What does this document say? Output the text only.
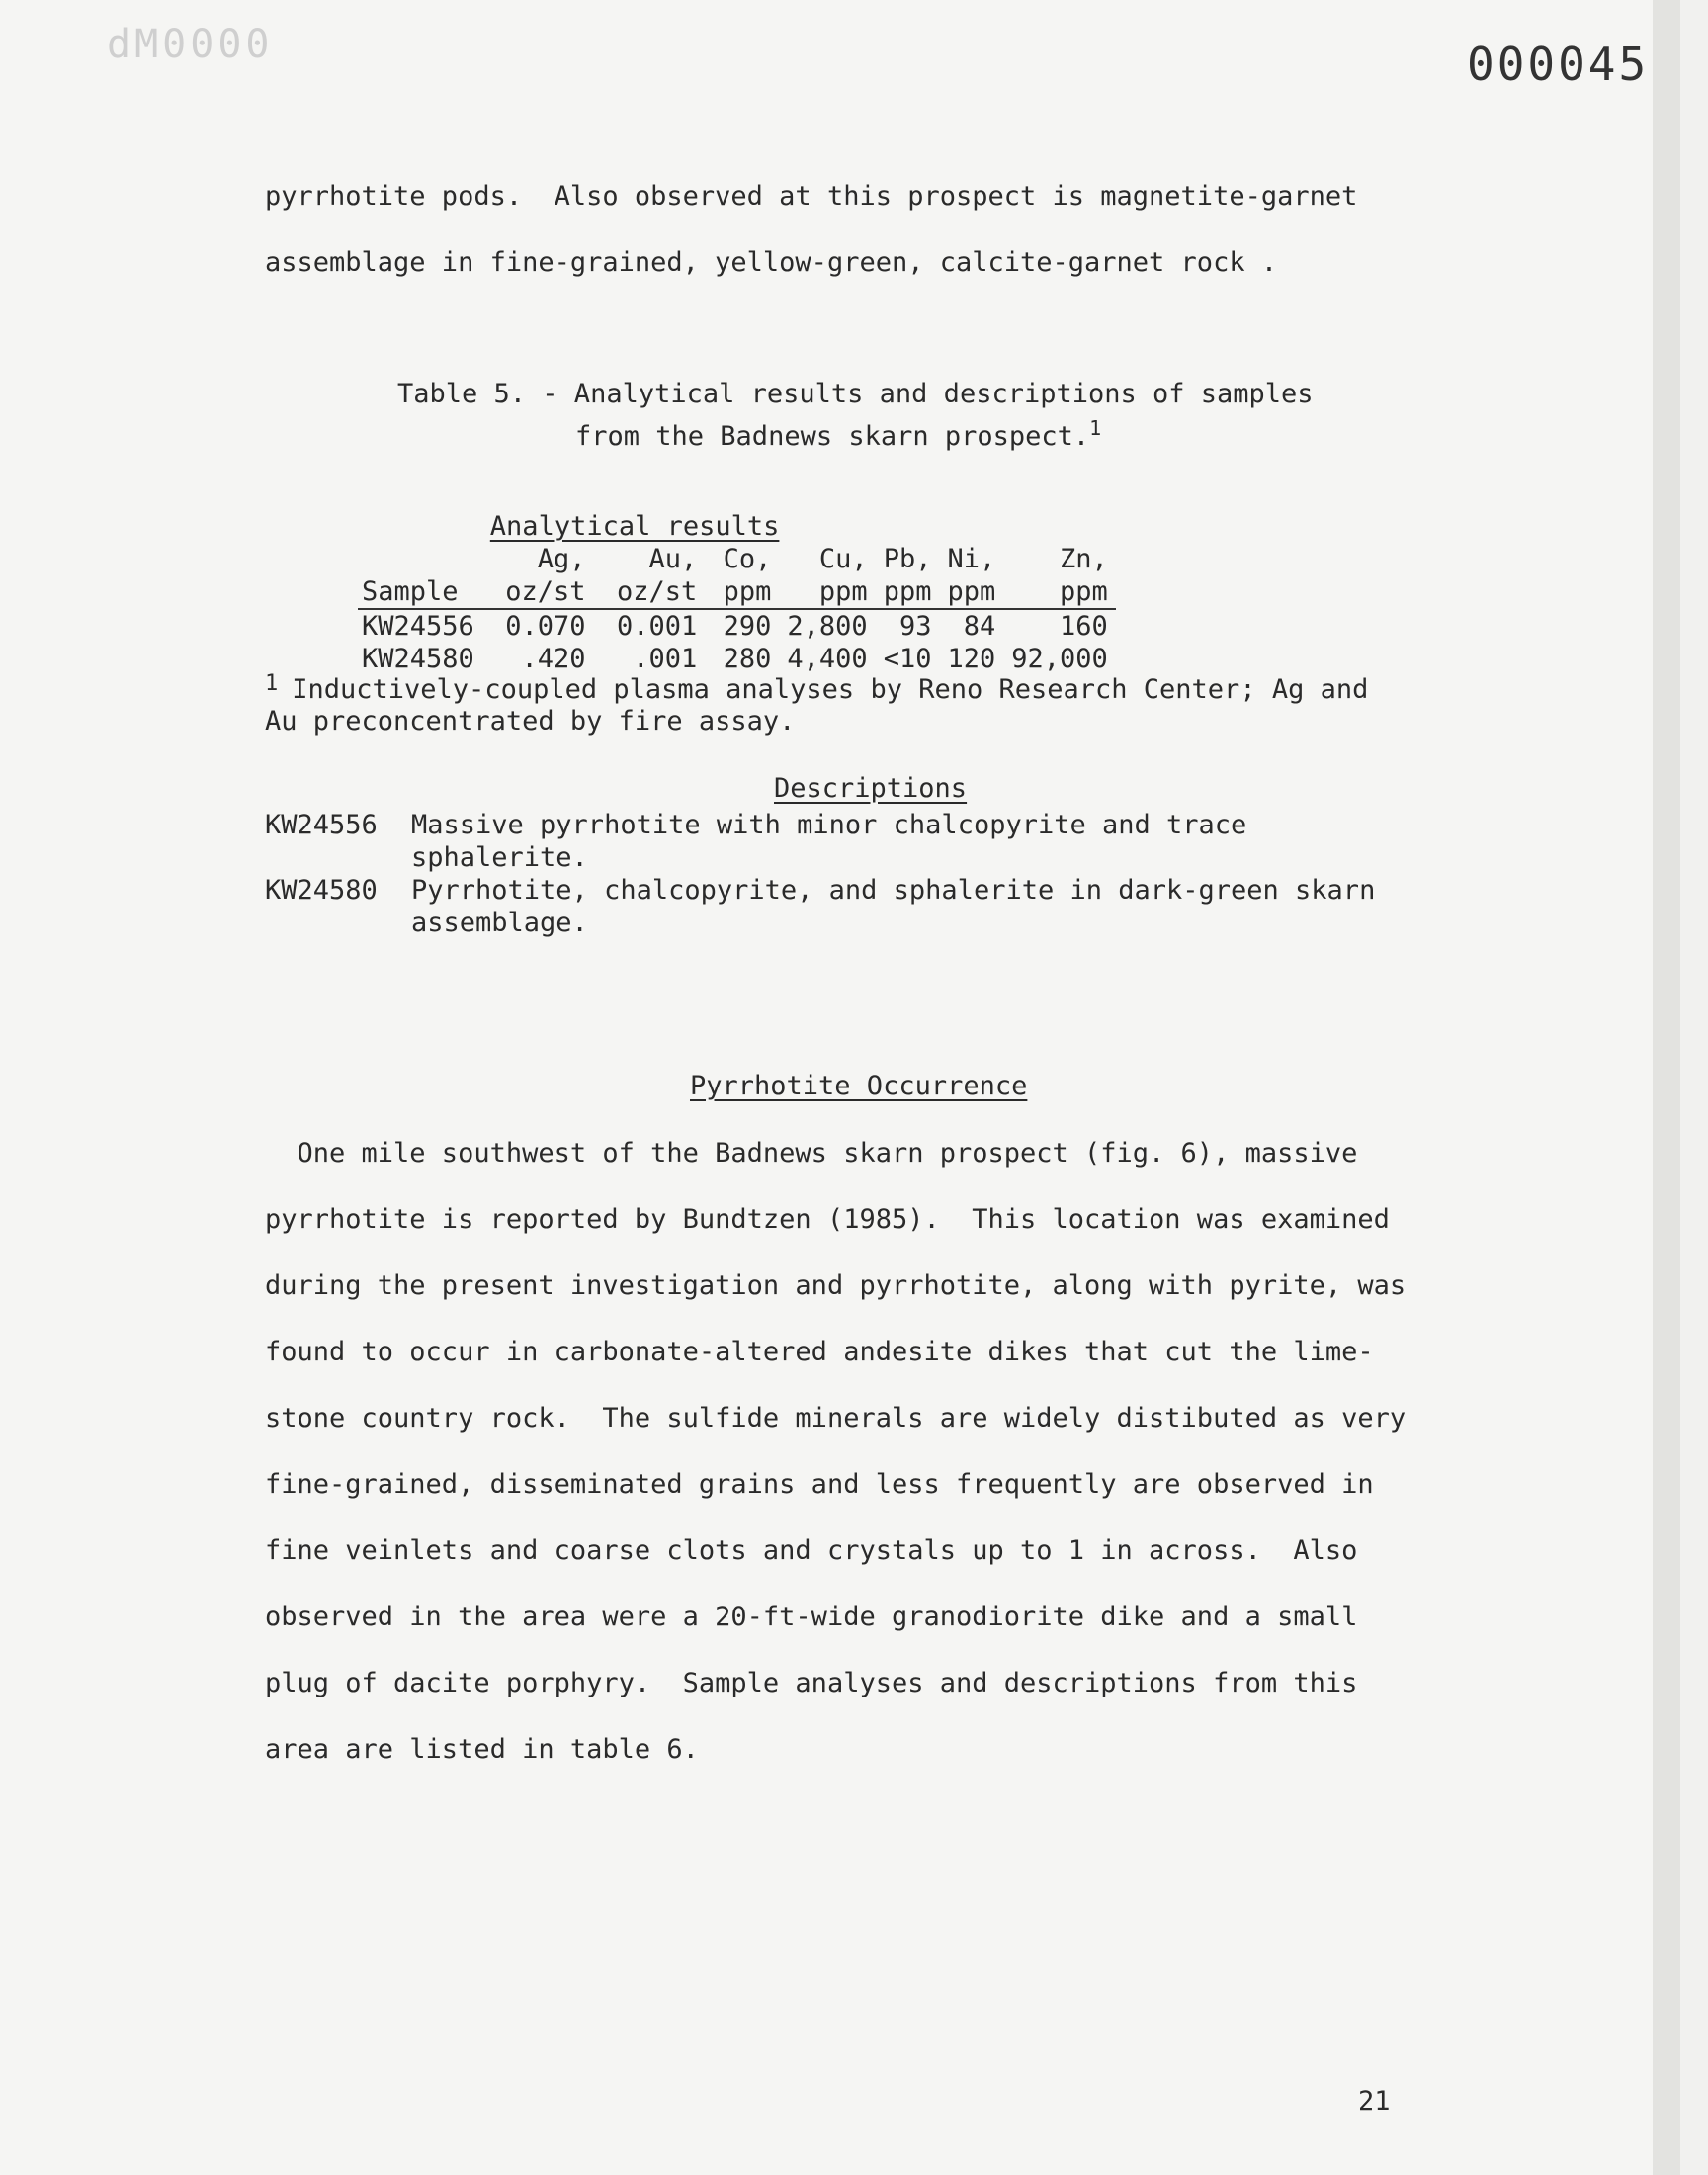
dM0000	000045

pyrrhotite pods.  Also observed at this prospect is magnetite-garnet

assemblage in fine-grained, yellow-green, calcite-garnet rock .

Table 5. - Analytical results and descriptions of samples
from the Badnews skarn prospect.$^1$
	Analytical results						
	Ag,	Au,	Co,	Cu,	Pb,	Ni,	Zn,
Sample	oz/st	oz/st	ppm	ppm	ppm	ppm	ppm
KW24556	0.070	0.001	290	2,800	93	84	160
KW24580	.420	.001	280	4,400	<10	120	92,000
$^1$ Inductively-coupled plasma analyses by Reno Research Center; Ag and
Au preconcentrated by fire assay.
Descriptions
KW24556 Massive pyrrhotite with minor chalcopyrite and trace
sphalerite.
KW24580 Pyrrhotite, chalcopyrite, and sphalerite in dark-green skarn
assemblage.
Pyrrhotite Occurrence

One mile southwest of the Badnews skarn prospect (fig. 6), massive

pyrrhotite is reported by Bundtzen (1985).  This location was examined

during the present investigation and pyrrhotite, along with pyrite, was

found to occur in carbonate-altered andesite dikes that cut the lime-

stone country rock.  The sulfide minerals are widely distibuted as very

fine-grained, disseminated grains and less frequently are observed in

fine veinlets and coarse clots and crystals up to 1 in across.  Also

observed in the area were a 20-ft-wide granodiorite dike and a small

plug of dacite porphyry.  Sample analyses and descriptions from this

area are listed in table 6.

21
